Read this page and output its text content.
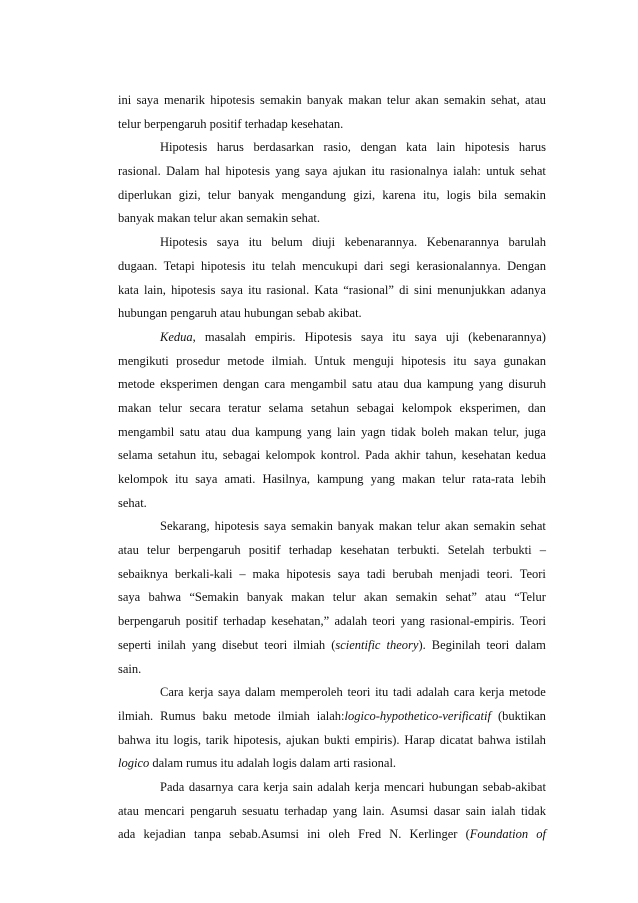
ini saya menarik hipotesis semakin banyak makan telur akan semakin sehat, atau
telur berpengaruh positif terhadap kesehatan.
Hipotesis harus berdasarkan rasio, dengan kata lain hipotesis harus
rasional. Dalam hal hipotesis yang saya ajukan itu rasionalnya ialah: untuk sehat
diperlukan gizi, telur banyak mengandung gizi, karena itu, logis bila semakin
banyak makan telur akan semakin sehat.
Hipotesis saya itu belum diuji kebenarannya. Kebenarannya barulah
dugaan. Tetapi hipotesis itu telah mencukupi dari segi kerasionalannya. Dengan
kata lain, hipotesis saya itu rasional. Kata “rasional” di sini menunjukkan adanya
hubungan pengaruh atau hubungan sebab akibat.
Kedua, masalah empiris. Hipotesis saya itu saya uji (kebenarannya)
mengikuti prosedur metode ilmiah. Untuk menguji hipotesis itu saya gunakan
metode eksperimen dengan cara mengambil satu atau dua kampung yang disuruh
makan telur secara teratur selama setahun sebagai kelompok eksperimen, dan
mengambil satu atau dua kampung yang lain yagn tidak boleh makan telur, juga
selama setahun itu, sebagai kelompok kontrol. Pada akhir tahun, kesehatan kedua
kelompok itu saya amati. Hasilnya, kampung yang makan telur rata-rata lebih
sehat.
Sekarang, hipotesis saya semakin banyak makan telur akan semakin sehat
atau telur berpengaruh positif terhadap kesehatan terbukti. Setelah terbukti –
sebaiknya berkali-kali – maka hipotesis saya tadi berubah menjadi teori. Teori
saya bahwa “Semakin banyak makan telur akan semakin sehat” atau “Telur
berpengaruh positif terhadap kesehatan,” adalah teori yang rasional-empiris. Teori
seperti inilah yang disebut teori ilmiah (scientific theory). Beginilah teori dalam
sain.
Cara kerja saya dalam memperoleh teori itu tadi adalah cara kerja metode
ilmiah. Rumus baku metode ilmiah ialah:logico-hypothetico-verificatif (buktikan
bahwa itu logis, tarik hipotesis, ajukan bukti empiris). Harap dicatat bahwa istilah
logico dalam rumus itu adalah logis dalam arti rasional.
Pada dasarnya cara kerja sain adalah kerja mencari hubungan sebab-akibat
atau mencari pengaruh sesuatu terhadap yang lain. Asumsi dasar sain ialah tidak
ada kejadian tanpa sebab.Asumsi ini oleh Fred N. Kerlinger (Foundation of
